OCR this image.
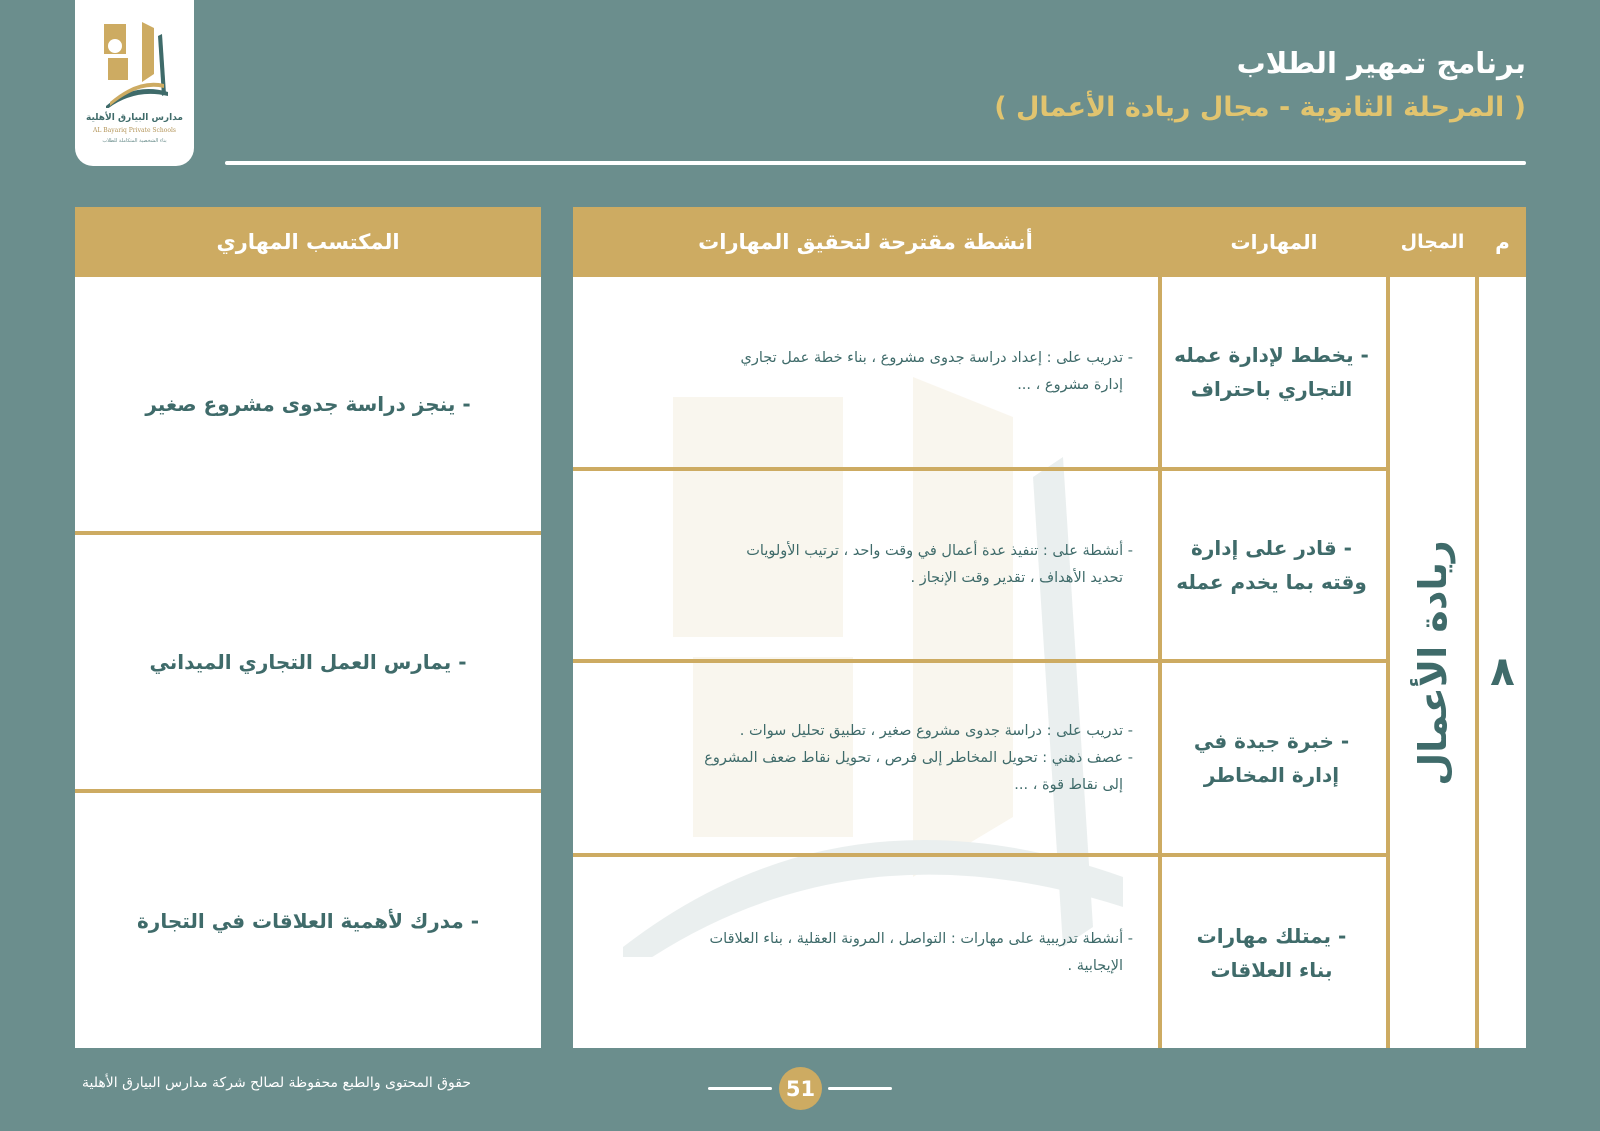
مدارس البيارق الأهلية
AL Bayariq Private Schools
بناء الشخصية المتكاملة للطلاب
برنامج تمهير الطلاب
( المرحلة الثانوية - مجال ريادة الأعمال )
م
المجال
المهارات
أنشطة مقترحة لتحقيق المهارات
٨
ريادة الأعمال
- يخطط لإدارة عمله
التجاري باحتراف
- قادر على إدارة
وقته بما يخدم عمله
- خبرة جيدة في
إدارة المخاطر
- يمتلك مهارات
بناء العلاقات
- تدريب على : إعداد دراسة جدوى مشروع ، بناء خطة عمل تجاري
إدارة مشروع ، ...
- أنشطة على : تنفيذ عدة أعمال في وقت واحد ، ترتيب الأولويات
تحديد الأهداف ، تقدير وقت الإنجاز .
- تدريب على : دراسة جدوى مشروع صغير ، تطبيق تحليل سوات .
- عصف ذهني : تحويل المخاطر إلى فرص ، تحويل نقاط ضعف المشروع
إلى نقاط قوة ، ...
- أنشطة تدريبية على مهارات : التواصل ، المرونة العقلية ، بناء العلاقات
الإيجابية .
المكتسب المهاري
- ينجز دراسة جدوى مشروع صغير
- يمارس العمل التجاري الميداني
- مدرك لأهمية العلاقات في التجارة
حقوق المحتوى والطبع محفوظة لصالح شركة مدارس البيارق الأهلية	51
